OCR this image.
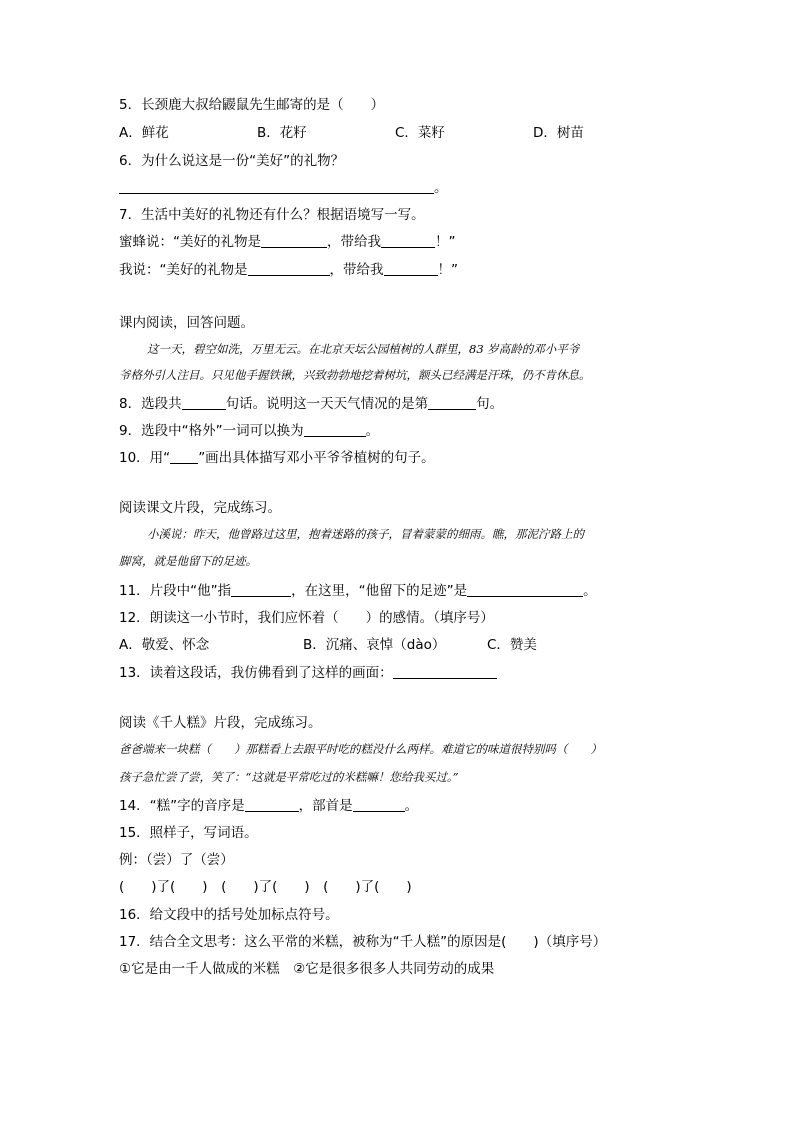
5．长颈鹿大叔给鼹鼠先生邮寄的是（　　）
A．鲜花	B．花籽	C．菜籽	D．树苗
6．为什么说这是一份“美好”的礼物？
。
7．生活中美好的礼物还有什么？根据语境写一写。
蜜蜂说：“美好的礼物是	，带给我	！”
我说：“美好的礼物是	，带给我	！”
课内阅读，回答问题。
这一天，碧空如洗，万里无云。在北京天坛公园植树的人群里，83 岁高龄的邓小平爷
爷格外引人注目。只见他手握铁锹，兴致勃勃地挖着树坑，额头已经满是汗珠，仍不肯休息。
8．选段共	句话。说明这一天天气情况的是第	句。
9．选段中“格外”一词可以换为	。
10．用“ ”画出具体描写邓小平爷爷植树的句子。
阅读课文片段，完成练习。
小溪说：昨天，他曾路过这里，抱着迷路的孩子，冒着蒙蒙的细雨。瞧，那泥泞路上的
脚窝，就是他留下的足迹。
11．片段中“他”指	，在这里，“他留下的足迹”是	。
12．朗读这一小节时，我们应怀着（　　）的感情。（填序号）
A．敬爱、怀念	B．沉痛、哀悼（dào）	C．赞美
13．读着这段话，我仿佛看到了这样的画面：
阅读《千人糕》片段，完成练习。
爸爸端来一块糕（　　）那糕看上去跟平时吃的糕没什么两样。难道它的味道很特别吗（　　）
孩子急忙尝了尝，笑了：“这就是平常吃过的米糕嘛！您给我买过。”
14．“糕”字的音序是	，部首是	。
15．照样子，写词语。
例：（尝）了（尝）
(　　)了(　　)　(　　)了(　　)　(　　)了(　　)
16．给文段中的括号处加标点符号。
17．结合全文思考：这么平常的米糕，被称为“千人糕”的原因是(　　)（填序号）
①它是由一千人做成的米糕　②它是很多很多人共同劳动的成果
